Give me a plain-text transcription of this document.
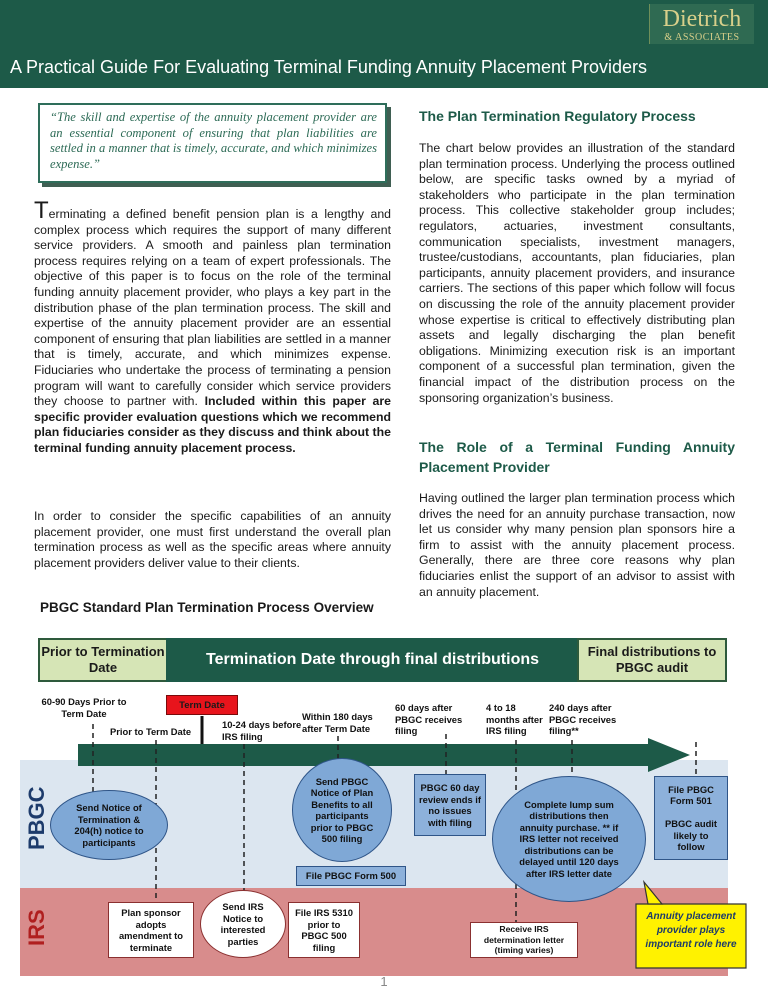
Dietrich
& ASSOCIATES
A Practical Guide For Evaluating Terminal Funding Annuity Placement Providers
“The skill and expertise of the annuity placement provider are an essential component of ensuring that plan liabilities are settled in a manner that is timely, accurate, and which minimizes expense.”
Terminating a defined benefit pension plan is a lengthy and complex process which requires the support of many different service providers. A smooth and painless plan termination process requires relying on a team of expert professionals. The objective of this paper is to focus on the role of the terminal funding annuity placement provider, who plays a key part in the distribution phase of the plan termination process. The skill and expertise of the annuity placement provider are an essential component of ensuring that plan liabilities are settled in a manner that is timely, accurate, and which minimizes expense. Fiduciaries who undertake the process of terminating a pension program will want to carefully consider which service providers they choose to partner with. Included within this paper are specific provider evaluation questions which we recommend plan fiduciaries consider as they discuss and think about the terminal funding annuity placement process.
In order to consider the specific capabilities of an annuity placement provider, one must first understand the overall plan termination process as well as the specific areas where annuity placement providers deliver value to their clients.
The Plan Termination Regulatory Process
The chart below provides an illustration of the standard plan termination process. Underlying the process outlined below, are specific tasks owned by a myriad of stakeholders who participate in the plan termination process. This collective stakeholder group includes; regulators, actuaries, investment consultants, communication specialists, investment managers, trustee/custodians, accountants, plan fiduciaries, plan participants, annuity placement providers, and insurance carriers. The sections of this paper which follow will focus on discussing the role of the annuity placement provider whose expertise is critical to effectively distributing plan assets and legally discharging the plan benefit obligations. Minimizing execution risk is an important component of a successful plan termination, given the financial impact of the distribution process on the sponsoring organization’s business.
The Role of a Terminal Funding Annuity Placement Provider
Having outlined the larger plan termination process which drives the need for an annuity purchase transaction, now let us consider why many pension plan sponsors hire a firm to assist with the annuity placement process. Generally, there are three core reasons why plan fiduciaries enlist the support of an advisor to assist with an annuity placement.
PBGC Standard Plan Termination Process Overview
Prior to Termination Date	Termination Date through final distributions	Final distributions to PBGC audit
PBGC
IRS
Term Date
60-90 Days Prior to Term Date
Prior to Term Date
10-24 days before IRS filing
Within 180 days after Term Date
60 days after PBGC receives filing
4 to 18 months after IRS filing
240 days after PBGC receives filing**
Send Notice of Termination & 204(h) notice to participants
Send PBGC Notice of Plan Benefits to all participants prior to PBGC 500 filing
File PBGC Form 500
PBGC 60 day review ends if no issues with filing
Complete lump sum distributions then annuity purchase. ** if IRS letter not received distributions can be delayed until 120 days after IRS letter date
File PBGC Form 501

PBGC audit likely to follow
Plan sponsor adopts amendment to terminate
Send IRS Notice to interested parties
File IRS 5310 prior to PBGC 500 filing
Receive IRS determination letter (timing varies)
Annuity placement provider plays important role here
1
